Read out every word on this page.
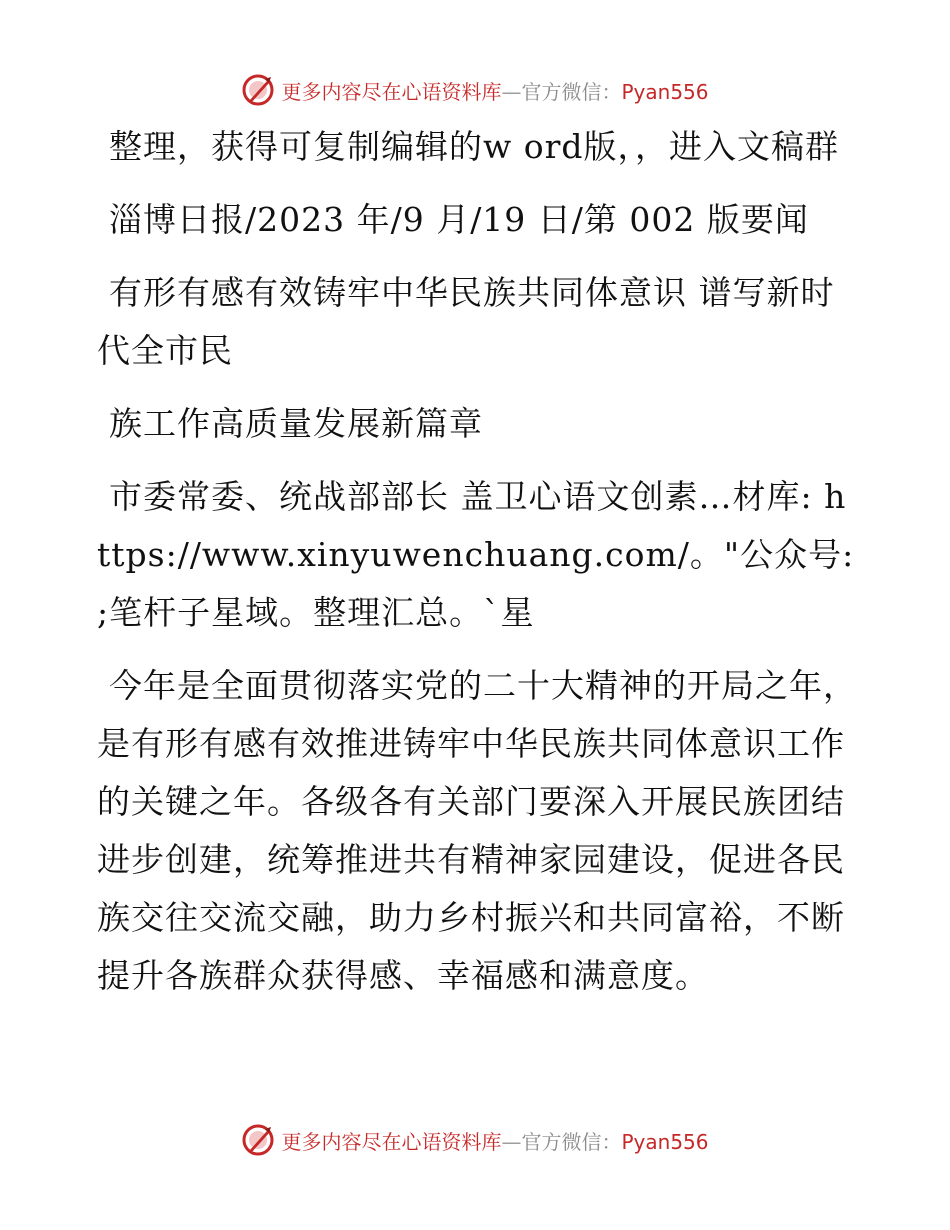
更多内容尽在心语资料库—官方微信：Pyan556

整理，获得可复制编辑的w ord版，，进入文稿群

淄博日报/2023 年/9 月/19 日/第 002 版要闻

有形有感有效铸牢中华民族共同体意识 谱写新时代全市民

族工作高质量发展新篇章

市委常委、统战部部长 盖卫心语文创素…材库: https://www.xinyuwenchuang.com/。"公众号: ;笔杆子星域。整理汇总。`星

今年是全面贯彻落实党的二十大精神的开局之年，是有形有感有效推进铸牢中华民族共同体意识工作的关键之年。各级各有关部门要深入开展民族团结进步创建，统筹推进共有精神家园建设，促进各民族交往交流交融，助力乡村振兴和共同富裕，不断提升各族群众获得感、幸福感和满意度。

更多内容尽在心语资料库—官方微信：Pyan556
